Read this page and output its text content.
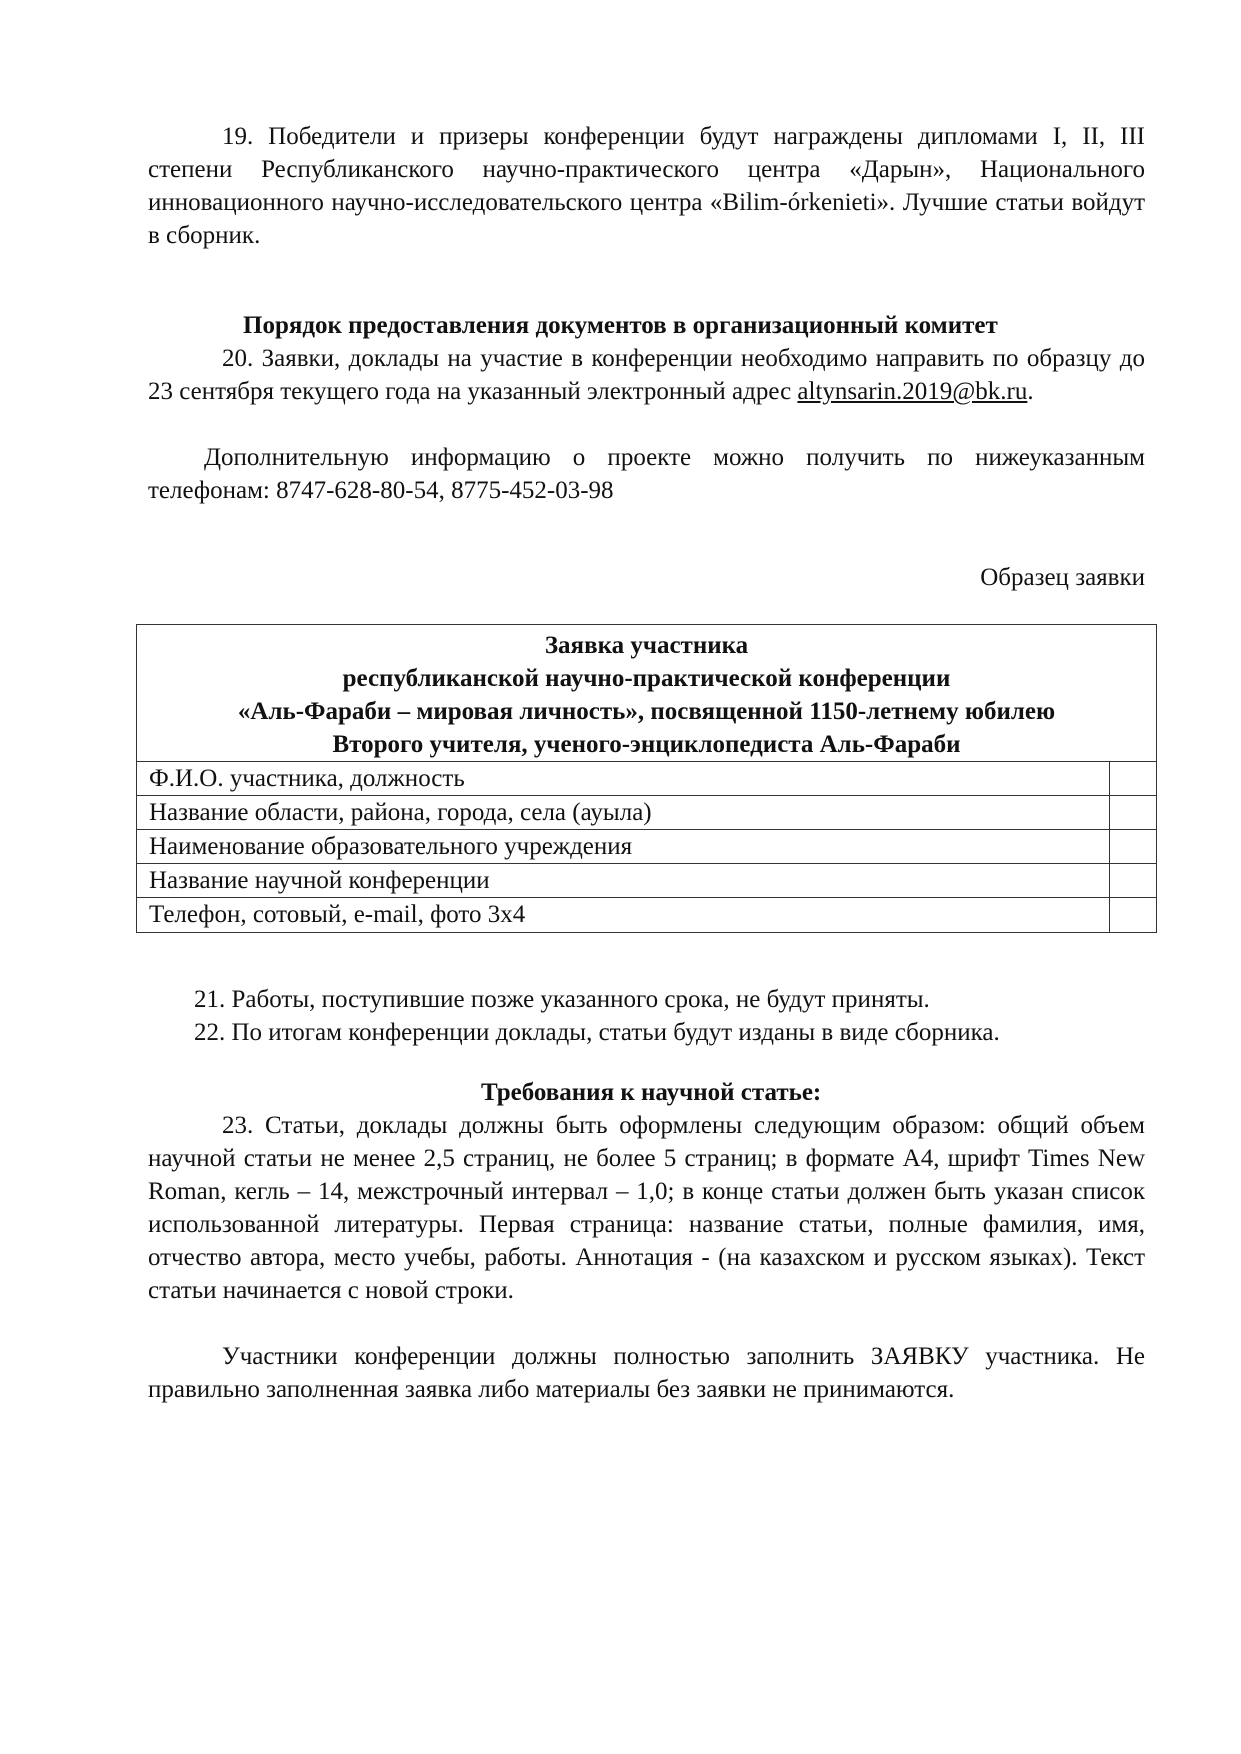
19. Победители и призеры конференции будут награждены дипломами I, II, III степени Республиканского научно-практического центра «Дарын», Национального инновационного научно-исследовательского центра «Bilim-órkenieti». Лучшие статьи войдут в сборник.

Порядок предоставления документов в организационный комитет

20. Заявки, доклады на участие в конференции необходимо направить по образцу до 23 сентября текущего года на указанный электронный адрес altynsarin.2019@bk.ru.

Дополнительную информацию о проекте можно получить по нижеуказанным телефонам: 8747-628-80-54, 8775-452-03-98

Образец заявки
Заявка участника
республиканской научно-практической конференции
«Аль-Фараби – мировая личность», посвященной 1150-летнему юбилею
Второго учителя, ученого-энциклопедиста Аль-Фараби
Ф.И.О. участника, должность
Название области, района, города, села (ауыла)
Наименование образовательного учреждения
Название научной конференции
Телефон, сотовый, e-mail, фото 3х4

21. Работы, поступившие позже указанного срока, не будут приняты.

22. По итогам конференции доклады, статьи будут изданы в виде сборника.

Требования к научной статье:

23. Статьи, доклады должны быть оформлены следующим образом: общий объем научной статьи не менее 2,5 страниц, не более 5 страниц; в формате А4, шрифт Times New Roman, кегль – 14, межстрочный интервал – 1,0; в конце статьи должен быть указан список использованной литературы. Первая страница: название статьи, полные фамилия, имя, отчество автора, место учебы, работы. Аннотация - (на казахском и русском языках). Текст статьи начинается с новой строки.

Участники конференции должны полностью заполнить ЗАЯВКУ участника. Не правильно заполненная заявка либо материалы без заявки не принимаются.
